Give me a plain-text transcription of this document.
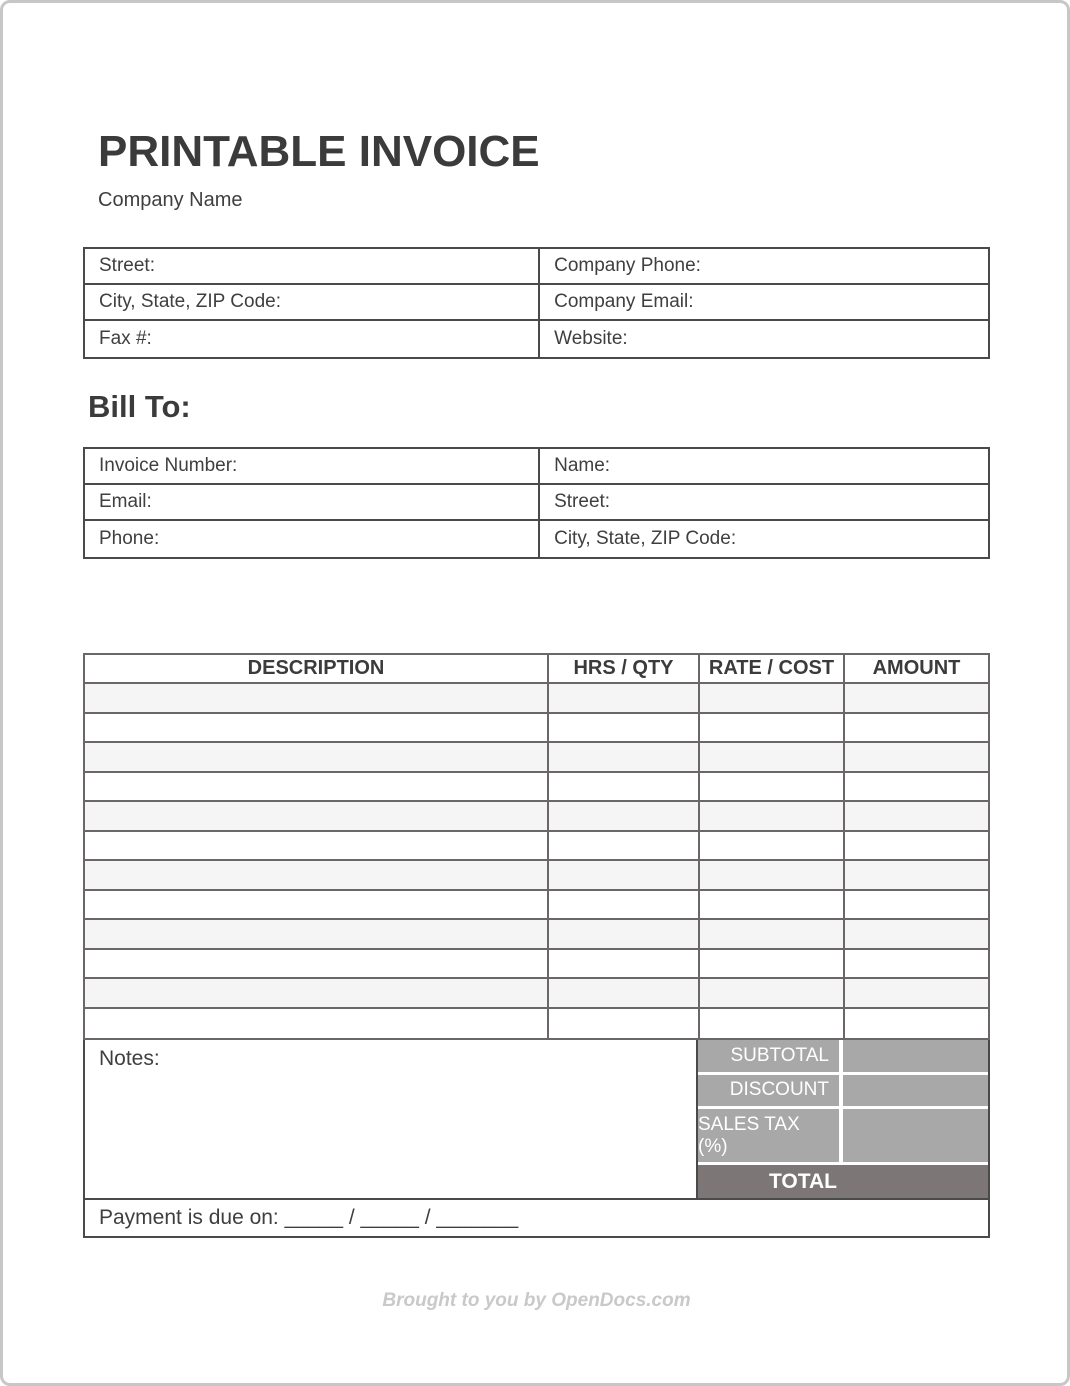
PRINTABLE INVOICE
Company Name
Street:	Company Phone:
City, State, ZIP Code:	Company Email:
Fax #:	Website:
Bill To:
Invoice Number:	Name:
Email:	Street:
Phone:	City, State, ZIP Code:
DESCRIPTION	HRS / QTY	RATE / COST	AMOUNT
Notes:	SUBTOTAL
DISCOUNT
SALES TAX (%)
TOTAL
Payment is due on: _____ / _____ / _______
Brought to you by OpenDocs.com
